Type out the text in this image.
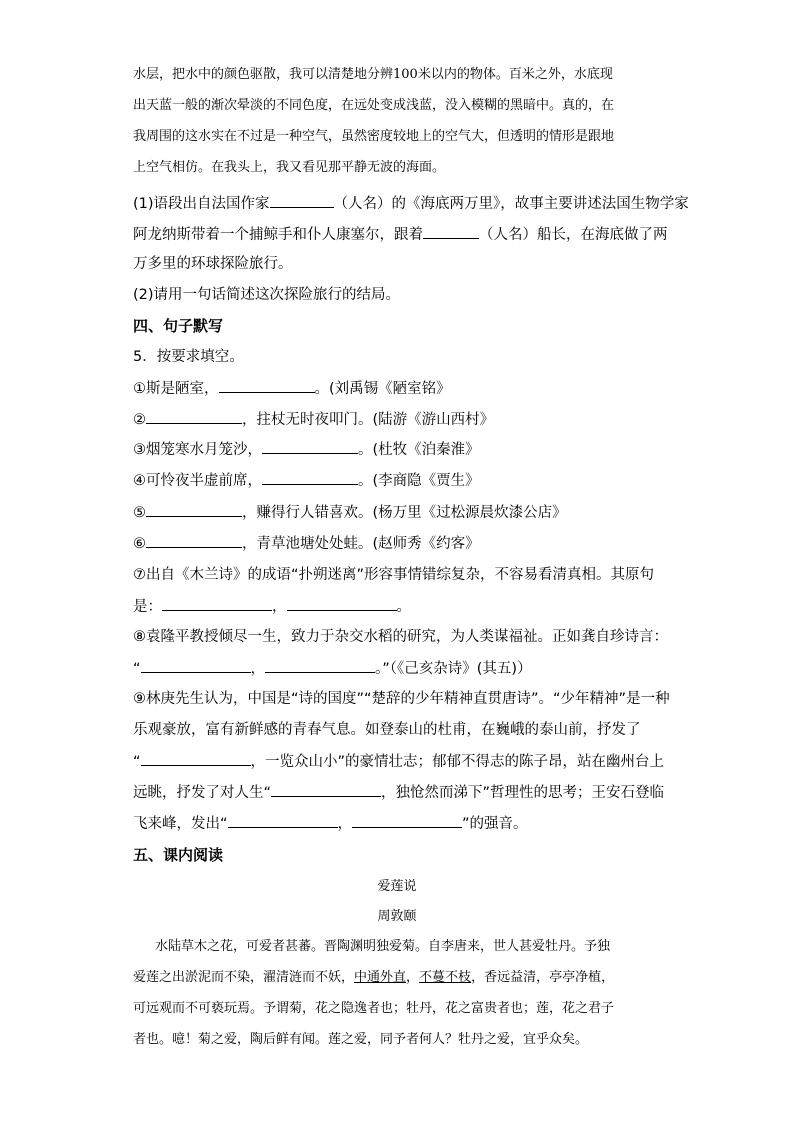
水层，把水中的颜色驱散，我可以清楚地分辨100米以内的物体。百米之外，水底现
出天蓝一般的渐次晕淡的不同色度，在远处变成浅蓝，没入模糊的黑暗中。真的，在
我周围的这水实在不过是一种空气，虽然密度较地上的空气大，但透明的情形是跟地
上空气相仿。在我头上，我又看见那平静无波的海面。
(1)语段出自法国作家	（人名）的《海底两万里》，故事主要讲述法国生物学家
阿龙纳斯带着一个捕鲸手和仆人康塞尔，跟着	（人名）船长，在海底做了两
万多里的环球探险旅行。
(2)请用一句话简述这次探险旅行的结局。
四、句子默写
5．按要求填空。
①斯是陋室，	。(刘禹锡《陋室铭》
②	，拄杖无时夜叩门。(陆游《游山西村》
③烟笼寒水月笼沙，	。(杜牧《泊秦淮》
④可怜夜半虚前席，	。(李商隐《贾生》
⑤	，赚得行人错喜欢。(杨万里《过松源晨炊漆公店》
⑥	，青草池塘处处蛙。(赵师秀《约客》
⑦出自《木兰诗》的成语“扑朔迷离”形容事情错综复杂，不容易看清真相。其原句
是：	，	。
⑧袁隆平教授倾尽一生，致力于杂交水稻的研究，为人类谋福祉。正如龚自珍诗言：
“	，	。”（《己亥杂诗》(其五)）
⑨林庚先生认为，中国是“诗的国度”“楚辞的少年精神直贯唐诗”。“少年精神”是一种
乐观豪放，富有新鲜感的青春气息。如登泰山的杜甫，在巍峨的泰山前，抒发了
“	，一览众山小”的豪情壮志；郁郁不得志的陈子昂，站在幽州台上
远眺，抒发了对人生“	，独怆然而涕下”哲理性的思考；王安石登临
飞来峰，发出“	，	”的强音。
五、课内阅读
爱莲说
周敦颐
水陆草木之花，可爱者甚蕃。晋陶渊明独爱菊。自李唐来，世人甚爱牡丹。予独
爱莲之出淤泥而不染，濯清涟而不妖，中通外直，不蔓不枝，香远益清，亭亭净植，
可远观而不可亵玩焉。予谓菊，花之隐逸者也；牡丹，花之富贵者也；莲，花之君子
者也。噫！菊之爱，陶后鲜有闻。莲之爱，同予者何人？牡丹之爱，宜乎众矣。
